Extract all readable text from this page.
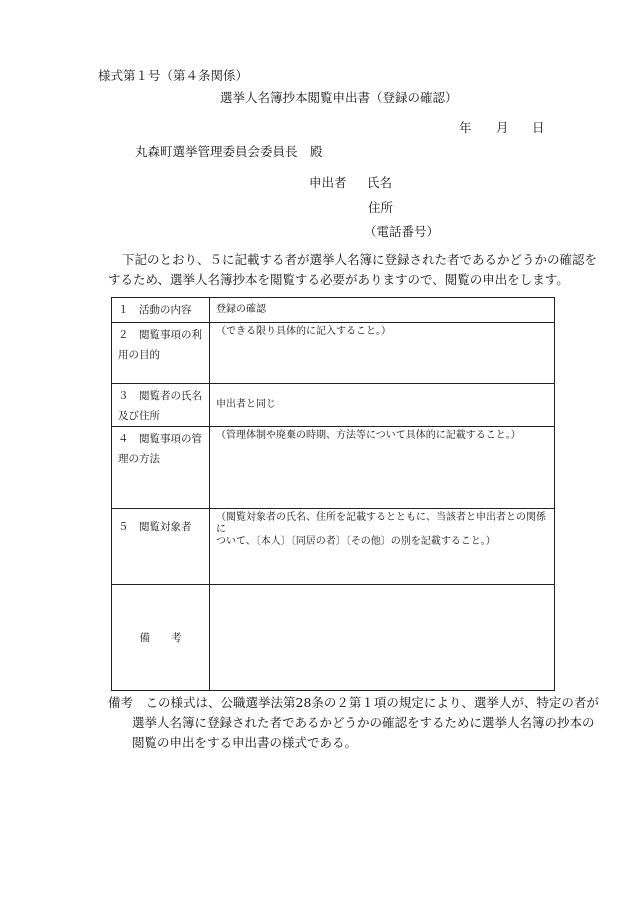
様式第１号（第４条関係）
選挙人名簿抄本閲覧申出書（登録の確認）
年 月 日
丸森町選挙管理委員会委員長　殿
申出者 氏名
住所
（電話番号）
下記のとおり、５に記載する者が選挙人名簿に登録された者であるかどうかの確認を
するため、選挙人名簿抄本を閲覧する必要がありますので、閲覧の申出をします。
１　活動の内容	登録の確認

２　閲覧事項の利
用の目的	（できる限り具体的に記入すること。）

３　閲覧者の氏名
及び住所	申出者と同じ

４　閲覧事項の管
理の方法	（管理体制や廃棄の時期、方法等について具体的に記載すること。）
５　閲覧対象者	（閲覧対象者の氏名、住所を記載するとともに、当該者と申出者との関係に
ついて、〔本人〕〔同居の者〕〔その他〕の別を記載すること。）

備　　考	
備考　この様式は、公職選挙法第28条の２第１項の規定により、選挙人が、特定の者が
選挙人名簿に登録された者であるかどうかの確認をするために選挙人名簿の抄本の
閲覧の申出をする申出書の様式である。
